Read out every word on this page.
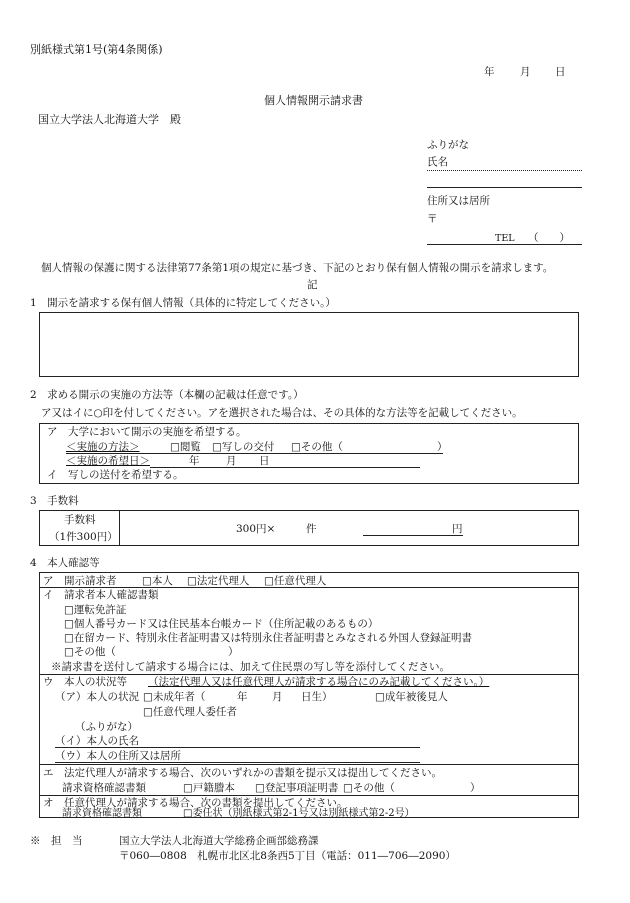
別紙様式第1号(第4条関係)
年 月 日
個人情報開示請求書
国立大学法人北海道大学　殿
ふりがな
氏名
住所又は居所
〒
TEL （　　）
個人情報の保護に関する法律第77条第1項の規定に基づき、下記のとおり保有個人情報の開示を請求します。
記
1　開示を請求する保有個人情報（具体的に特定してください。）
2　求める開示の実施の方法等（本欄の記載は任意です。）
ア又はイに○印を付してください。アを選択された場合は、その具体的な方法等を記載してください。
ア　大学において開示の実施を希望する。
＜実施の方法＞	□閲覧 □写しの交付 □その他（	）
＜実施の希望日＞	年	月 日
イ　写しの送付を希望する。
3　手数料
手数料
（1件300円）
300円×	件	円
4　本人確認等
ア　開示請求者 □本人 □法定代理人 □任意代理人
イ　請求者本人確認書類
□運転免許証
□個人番号カード又は住民基本台帳カード（住所記載のあるもの）
□在留カード、特別永住者証明書又は特別永住者証明書とみなされる外国人登録証明書
□その他（	）
※請求書を送付して請求する場合には、加えて住民票の写し等を添付してください。
ウ　本人の状況等 （法定代理人又は任意代理人が請求する場合にのみ記載してください。）
（ア）本人の状況 □未成年者（	年 月 日生）	□成年被後見人
□任意代理人委任者
（ふりがな）
（イ）本人の氏名
（ウ）本人の住所又は居所
エ　法定代理人が請求する場合、次のいずれかの書類を提示又は提出してください。
請求資格確認書類	□戸籍謄本 □登記事項証明書 □その他（	）
オ　任意代理人が請求する場合、次の書類を提出してください。
請求資格確認書類	□委任状（別紙様式第2-1号又は別紙様式第2-2号）
※　担　当	国立大学法人北海道大学総務企画部総務課
〒060―0808　札幌市北区北8条西5丁目（電話：011―706―2090）
